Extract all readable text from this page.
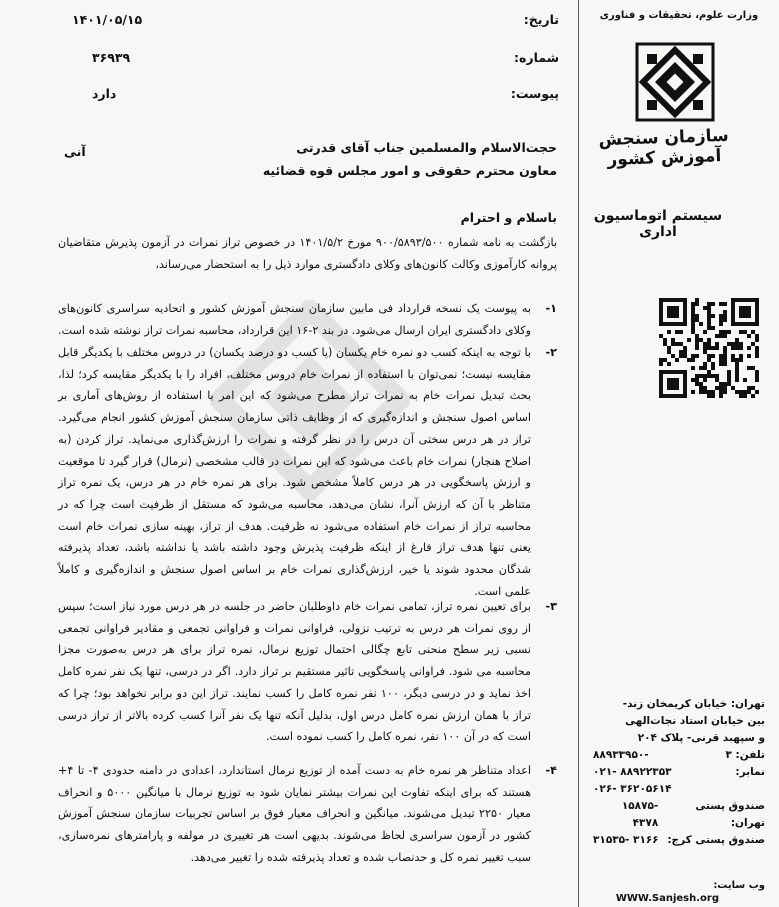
وزارت علوم، تحقیقات و فناوری
سازمان سنجش آموزش کشور
سیستم اتوماسیون اداری
تهران: خیابان کریمخان زند-
بین خیابان استاد نجات‌الهی
و سپهبد قرنی- پلاک ۲۰۴
تلفن: ۳
۸۸۹۳۳۹۵۰-
نمابر:
۰۲۱- ۸۸۹۲۲۳۵۳
۰۲۶- ۳۶۲۰۵۶۱۴
صندوق پستی تهران:
۱۵۸۷۵- ۴۳۷۸
صندوق پستی کرج:
۳۱۵۳۵- ۳۱۶۶
وب سایت:
WWW.Sanjesh.org
تاریخ:
۱۴۰۱/۰۵/۱۵
شماره:
۳۶۹۳۹
پیوست:
دارد
حجت‌الاسلام والمسلمین جناب آقای قدرتی
معاون محترم حقوقی و امور مجلس قوه قضائیه
آنی
باسلام و احترام
بازگشت به نامه شماره ۹۰۰/۵۸۹۳/۵۰۰ مورخ ۱۴۰۱/۵/۲ در خصوص تراز نمرات در آزمون پذیرش متقاضیان پروانه کارآموزی وکالت کانون‌های وکلای دادگستری موارد ذیل را به استحضار می‌رساند،
۱-
به پیوست یک نسخه قرارداد فی مابین سازمان سنجش آموزش کشور و اتحادیه سراسری کانون‌های وکلای دادگستری ایران ارسال می‌شود. در بند ۲-۱۶ این قرارداد، محاسبه نمرات تراز نوشته شده است.
۲-
با توجه به اینکه کسب دو نمره خام یکسان (یا کسب دو درصد یکسان) در دروس مختلف با یکدیگر قابل مقایسه نیست؛ نمی‌توان با استفاده از نمرات خام دروس مختلف، افراد را با یکدیگر مقایسه کرد؛ لذا، بحث تبدیل نمرات خام به نمرات تراز مطرح می‌شود که این امر با استفاده از روش‌های آماری بر اساس اصول سنجش و اندازه‌گیری که از وظایف ذاتی سازمان سنجش آموزش کشور انجام می‌گیرد. تراز در هر درس سختی آن درس را در نظر گرفته و نمرات را ارزش‌گذاری می‌نماید. تراز کردن (به اصلاح هنجار) نمرات خام باعث می‌شود که این نمرات در قالب مشخصی (نرمال) قرار گیرد تا موقعیت و ارزش پاسخگویی در هر درس کاملاً مشخص شود. برای هر نمره خام در هر درس، یک نمره تراز متناظر با آن که ارزش آنرا، نشان می‌دهد، محاسبه می‌شود که مستقل از ظرفیت است چرا که در محاسبه تراز از نمرات خام استفاده می‌شود نه ظرفیت. هدف از تراز، بهینه سازی نمرات خام است یعنی تنها هدف تراز فارغ از اینکه ظرفیت پذیرش وجود داشته باشد یا نداشته باشد، تعداد پذیرفته شدگان محدود شوند یا خیر، ارزش‌گذاری نمرات خام بر اساس اصول سنجش و اندازه‌گیری و کاملاً علمی است.
۳-
برای تعیین نمره تراز، تمامی نمرات خام داوطلبان حاضر در جلسه در هر درس مورد نیاز است؛ سپس از روی نمرات هر درس به ترتیب نزولی، فراوانی نمرات و فراوانی تجمعی و مقادیر فراوانی تجمعی نسبی زیر سطح منحنی تابع چگالی احتمال توزیع نرمال، نمره تراز برای هر درس به‌صورت مجزا محاسبه می شود. فراوانی پاسخگویی تاثیر مستقیم بر تراز دارد. اگر در درسی، تنها یک نفر نمره کامل اخذ نماید و در درسی دیگر، ۱۰۰ نفر نمره کامل را کسب نمایند. تراز این دو برابر نخواهد بود؛ چرا که تراز با همان ارزش نمره کامل درس اول، بدلیل آنکه تنها یک نفر آنرا کسب کرده بالاتر از تراز درسی است که در آن ۱۰۰ نفر، نمره کامل را کسب نموده است.
۴-
اعداد متناظر هر نمره خام به دست آمده از توزیع نرمال استاندارد، اعدادی در دامنه حدودی ۴- تا ۴+ هستند که برای اینکه تفاوت این نمرات بیشتر نمایان شود به توزیع نرمال با میانگین ۵۰۰۰ و انحراف معیار ۲۲۵۰ تبدیل می‌شوند. میانگین و انحراف معیار فوق بر اساس تجربیات سازمان سنجش آموزش کشور در آزمون سراسری لحاظ می‌شوند. بدیهی است هر تغییری در مولفه و پارامترهای نمره‌سازی، سبب تغییر نمره کل و حدنصاب شده و تعداد پذیرفته شده را تغییر می‌دهد.
